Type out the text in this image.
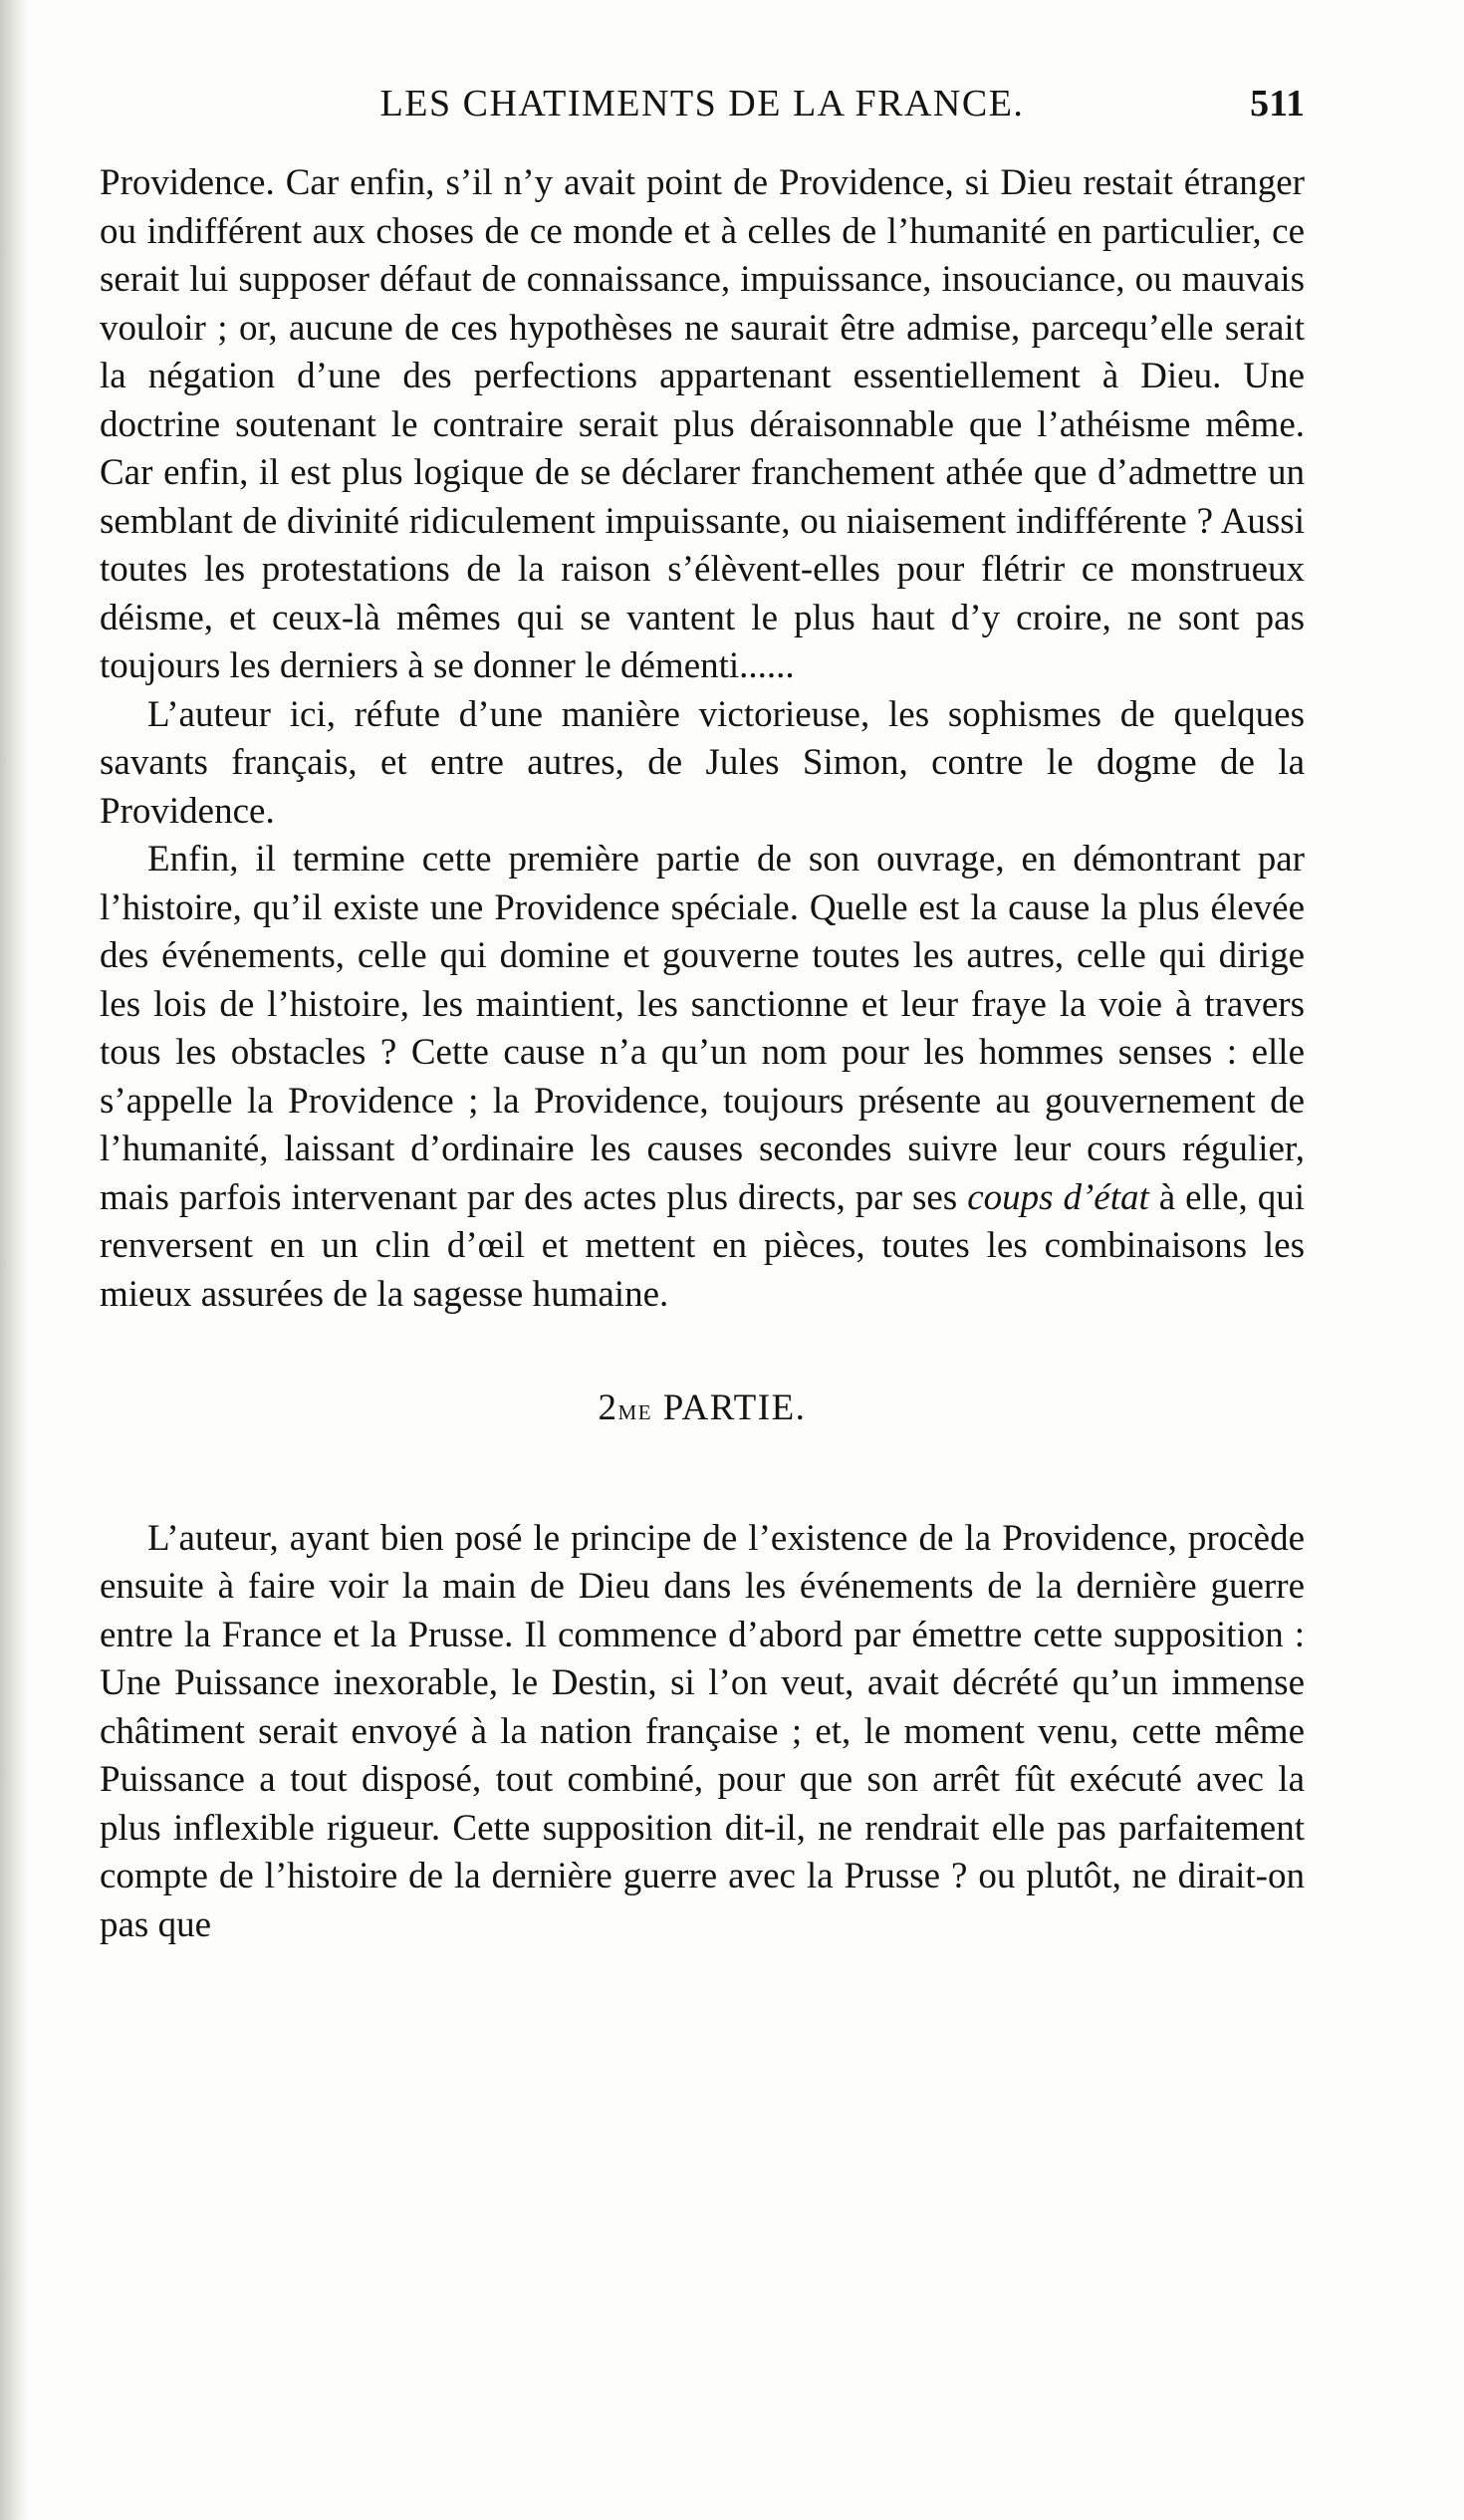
LES CHATIMENTS DE LA FRANCE.	511

Providence. Car enfin, s’il n’y avait point de Providence, si Dieu restait étranger ou indifférent aux choses de ce monde et à celles de l’humanité en particulier, ce serait lui supposer défaut de connaissance, impuissance, insouciance, ou mauvais vouloir ; or, aucune de ces hypothèses ne saurait être admise, parcequ’elle serait la négation d’une des perfections appartenant essentiellement à Dieu. Une doctrine soutenant le contraire serait plus déraisonnable que l’athéisme même. Car enfin, il est plus logique de se déclarer franchement athée que d’admettre un semblant de divinité ridiculement impuissante, ou niaisement indifférente ? Aussi toutes les protestations de la raison s’élèvent-elles pour flétrir ce monstrueux déisme, et ceux-là mêmes qui se vantent le plus haut d’y croire, ne sont pas toujours les derniers à se donner le démenti......

L’auteur ici, réfute d’une manière victorieuse, les sophismes de quelques savants français, et entre autres, de Jules Simon, contre le dogme de la Providence.

Enfin, il termine cette première partie de son ouvrage, en démontrant par l’histoire, qu’il existe une Providence spéciale. Quelle est la cause la plus élevée des événements, celle qui domine et gouverne toutes les autres, celle qui dirige les lois de l’histoire, les maintient, les sanctionne et leur fraye la voie à travers tous les obstacles ? Cette cause n’a qu’un nom pour les hommes senses : elle s’appelle la Providence ; la Providence, toujours présente au gouvernement de l’humanité, laissant d’ordinaire les causes secondes suivre leur cours régulier, mais parfois intervenant par des actes plus directs, par ses coups d’état à elle, qui renversent en un clin d’œil et mettent en pièces, toutes les combinaisons les mieux assurées de la sagesse humaine.

2me PARTIE.

L’auteur, ayant bien posé le principe de l’existence de la Providence, procède ensuite à faire voir la main de Dieu dans les événements de la dernière guerre entre la France et la Prusse. Il commence d’abord par émettre cette supposition : Une Puissance inexorable, le Destin, si l’on veut, avait décrété qu’un immense châtiment serait envoyé à la nation française ; et, le moment venu, cette même Puissance a tout disposé, tout combiné, pour que son arrêt fût exécuté avec la plus inflexible rigueur. Cette supposition dit-il, ne rendrait elle pas parfaitement compte de l’histoire de la dernière guerre avec la Prusse ? ou plutôt, ne dirait-on pas que
